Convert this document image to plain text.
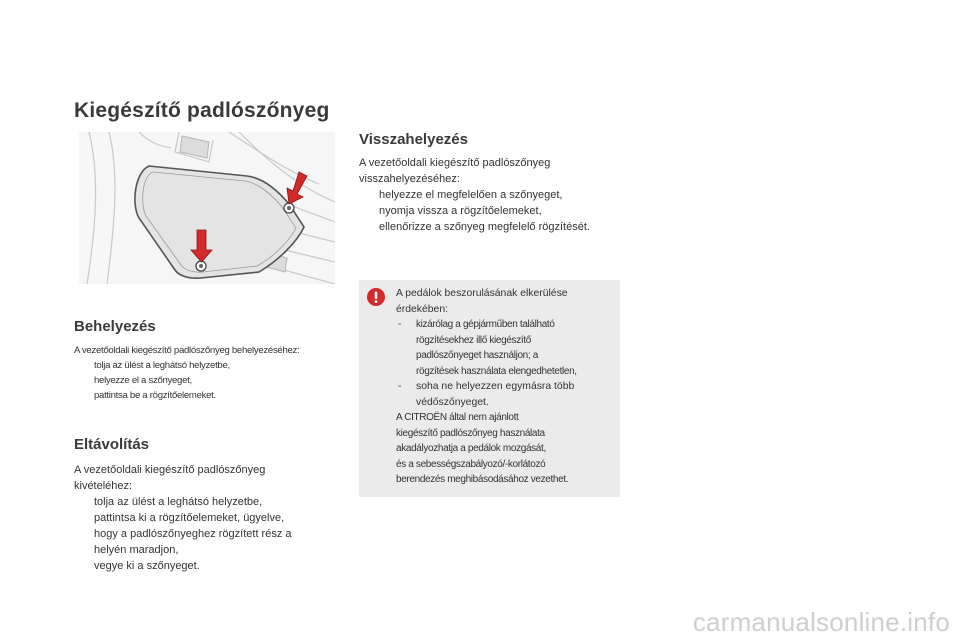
Kiegészítő padlószőnyeg
Behelyezés
A vezetőoldali kiegészítő padlószőnyeg behelyezéséhez:
tolja az ülést a leghátsó helyzetbe,
helyezze el a szőnyeget,
pattintsa be a rögzítőelemeket.
Eltávolítás
A vezetőoldali kiegészítő padlószőnyeg
kivételéhez:
tolja az ülést a leghátsó helyzetbe,
pattintsa ki a rögzítőelemeket, ügyelve,
hogy a padlószőnyeghez rögzített rész a
helyén maradjon,
vegye ki a szőnyeget.
Visszahelyezés
A vezetőoldali kiegészítő padlószőnyeg
visszahelyezéséhez:
helyezze el megfelelően a szőnyeget,
nyomja vissza a rögzítőelemeket,
ellenőrizze a szőnyeg megfelelő rögzítését.
A pedálok beszorulásának elkerülése
érdekében:
- kizárólag a gépjárműben található
rögzítésekhez illő kiegészítő
padlószőnyeget használjon; a
rögzítések használata elengedhetetlen,
- soha ne helyezzen egymásra több
védőszőnyeget.
A CITROËN által nem ajánlott
kiegészítő padlószőnyeg használata
akadályozhatja a pedálok mozgását,
és a sebességszabályozó/-korlátozó
berendezés meghibásodásához vezethet.
carmanualsonline.info
